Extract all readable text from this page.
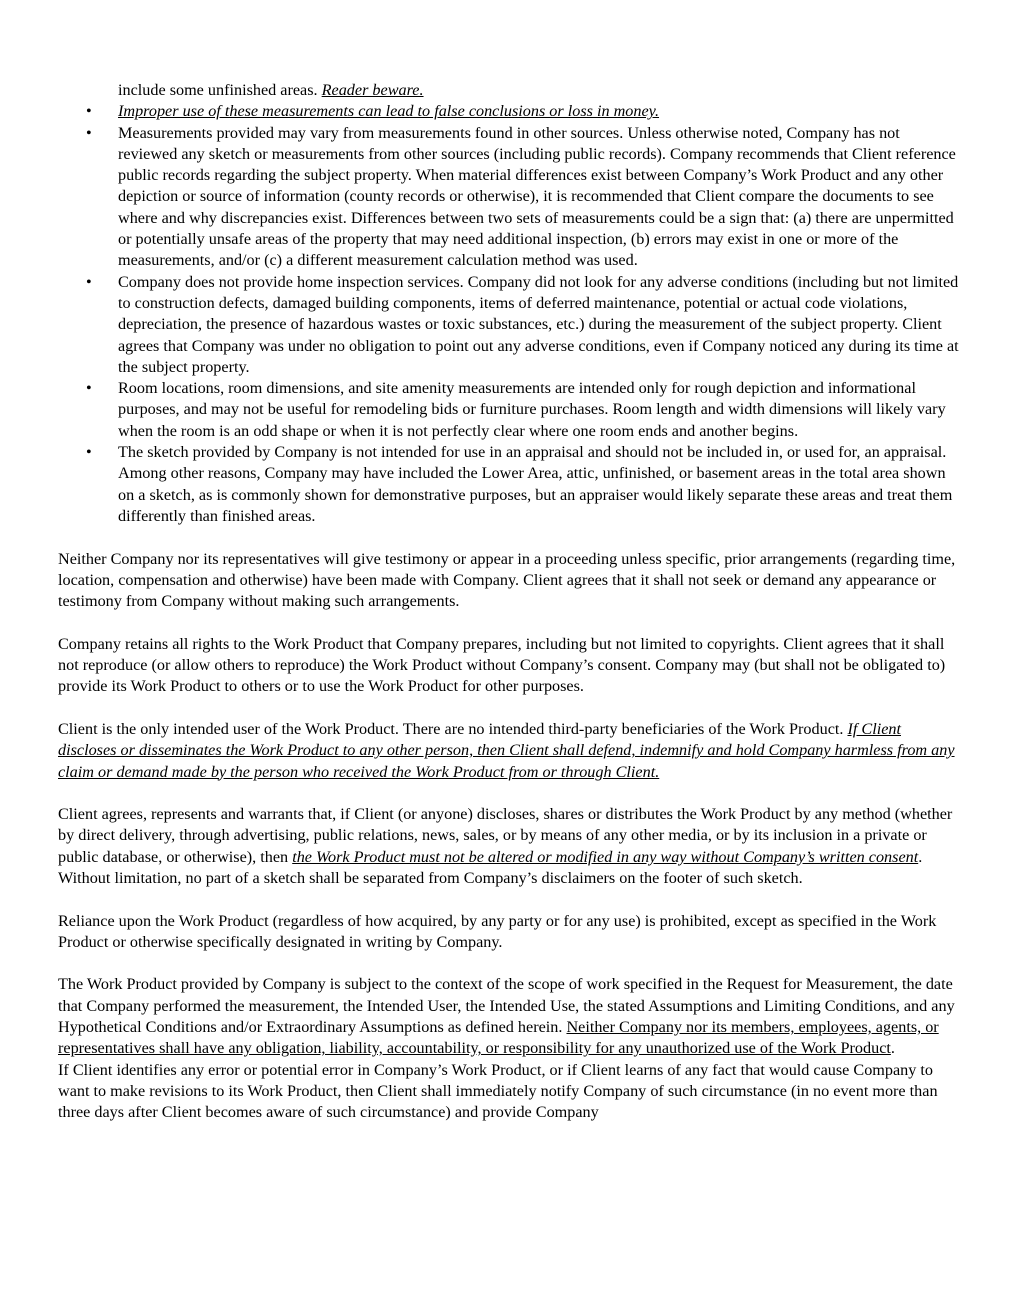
include some unfinished areas. Reader beware.
• Improper use of these measurements can lead to false conclusions or loss in money.
• Measurements provided may vary from measurements found in other sources. Unless otherwise noted, Company has not reviewed any sketch or measurements from other sources (including public records). Company recommends that Client reference public records regarding the subject property. When material differences exist between Company’s Work Product and any other depiction or source of information (county records or otherwise), it is recommended that Client compare the documents to see where and why discrepancies exist. Differences between two sets of measurements could be a sign that: (a) there are unpermitted or potentially unsafe areas of the property that may need additional inspection, (b) errors may exist in one or more of the measurements, and/or (c) a different measurement calculation method was used.
• Company does not provide home inspection services. Company did not look for any adverse conditions (including but not limited to construction defects, damaged building components, items of deferred maintenance, potential or actual code violations, depreciation, the presence of hazardous wastes or toxic substances, etc.) during the measurement of the subject property. Client agrees that Company was under no obligation to point out any adverse conditions, even if Company noticed any during its time at the subject property.
• Room locations, room dimensions, and site amenity measurements are intended only for rough depiction and informational purposes, and may not be useful for remodeling bids or furniture purchases. Room length and width dimensions will likely vary when the room is an odd shape or when it is not perfectly clear where one room ends and another begins.
• The sketch provided by Company is not intended for use in an appraisal and should not be included in, or used for, an appraisal. Among other reasons, Company may have included the Lower Area, attic, unfinished, or basement areas in the total area shown on a sketch, as is commonly shown for demonstrative purposes, but an appraiser would likely separate these areas and treat them differently than finished areas.

Neither Company nor its representatives will give testimony or appear in a proceeding unless specific, prior arrangements (regarding time, location, compensation and otherwise) have been made with Company. Client agrees that it shall not seek or demand any appearance or testimony from Company without making such arrangements.

Company retains all rights to the Work Product that Company prepares, including but not limited to copyrights. Client agrees that it shall not reproduce (or allow others to reproduce) the Work Product without Company’s consent. Company may (but shall not be obligated to) provide its Work Product to others or to use the Work Product for other purposes.

Client is the only intended user of the Work Product. There are no intended third-party beneficiaries of the Work Product. If Client discloses or disseminates the Work Product to any other person, then Client shall defend, indemnify and hold Company harmless from any claim or demand made by the person who received the Work Product from or through Client.

Client agrees, represents and warrants that, if Client (or anyone) discloses, shares or distributes the Work Product by any method (whether by direct delivery, through advertising, public relations, news, sales, or by means of any other media, or by its inclusion in a private or public database, or otherwise), then the Work Product must not be altered or modified in any way without Company’s written consent. Without limitation, no part of a sketch shall be separated from Company’s disclaimers on the footer of such sketch.

Reliance upon the Work Product (regardless of how acquired, by any party or for any use) is prohibited, except as specified in the Work Product or otherwise specifically designated in writing by Company.

The Work Product provided by Company is subject to the context of the scope of work specified in the Request for Measurement, the date that Company performed the measurement, the Intended User, the Intended Use, the stated Assumptions and Limiting Conditions, and any Hypothetical Conditions and/or Extraordinary Assumptions as defined herein. Neither Company nor its members, employees, agents, or representatives shall have any obligation, liability, accountability, or responsibility for any unauthorized use of the Work Product.

If Client identifies any error or potential error in Company’s Work Product, or if Client learns of any fact that would cause Company to want to make revisions to its Work Product, then Client shall immediately notify Company of such circumstance (in no event more than three days after Client becomes aware of such circumstance) and provide Company
